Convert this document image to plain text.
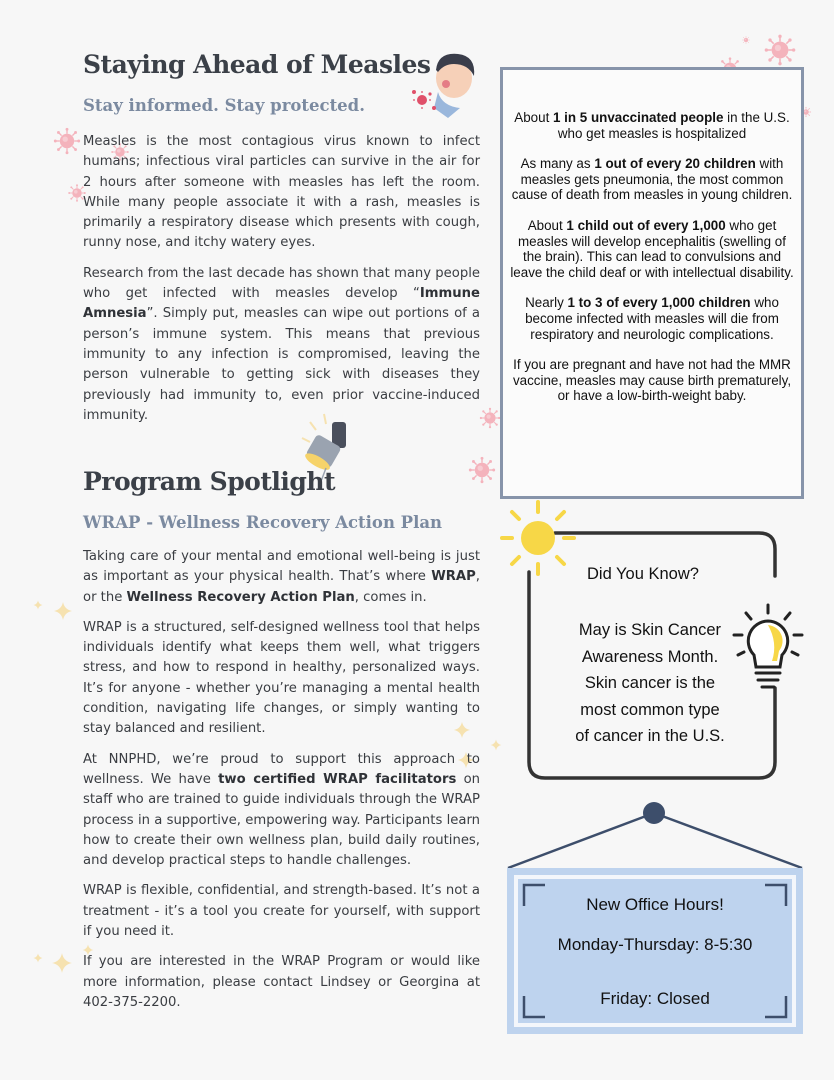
Staying Ahead of Measles
Stay informed. Stay protected.

Measles is the most contagious virus known to infect humans; infectious viral particles can survive in the air for 2 hours after someone with measles has left the room. While many people associate it with a rash, measles is primarily a respiratory disease which presents with cough, runny nose, and itchy watery eyes.

Research from the last decade has shown that many people who get infected with measles develop “Immune Amnesia”. Simply put, measles can wipe out portions of a person’s immune system. This means that previous immunity to any infection is compromised, leaving the person vulnerable to getting sick with diseases they previously had immunity to, even prior vaccine-induced immunity.

About 1 in 5 unvaccinated people in the U.S. who get measles is hospitalized

As many as 1 out of every 20 children with measles gets pneumonia, the most common cause of death from measles in young children.

About 1 child out of every 1,000 who get measles will develop encephalitis (swelling of the brain). This can lead to convulsions and leave the child deaf or with intellectual disability.

Nearly 1 to 3 of every 1,000 children who become infected with measles will die from respiratory and neurologic complications.

If you are pregnant and have not had the MMR vaccine, measles may cause birth prematurely, or have a low-birth-weight baby.

Program Spotlight
WRAP - Wellness Recovery Action Plan

Taking care of your mental and emotional well-being is just as important as your physical health. That’s where WRAP, or the Wellness Recovery Action Plan, comes in.

WRAP is a structured, self-designed wellness tool that helps individuals identify what keeps them well, what triggers stress, and how to respond in healthy, personalized ways. It’s for anyone - whether you’re managing a mental health condition, navigating life changes, or simply wanting to stay balanced and resilient.

At NNPHD, we’re proud to support this approach to wellness. We have two certified WRAP facilitators on staff who are trained to guide individuals through the WRAP process in a supportive, empowering way. Participants learn how to create their own wellness plan, build daily routines, and develop practical steps to handle challenges.

WRAP is flexible, confidential, and strength-based. It’s not a treatment - it’s a tool you create for yourself, with support if you need it.

If you are interested in the WRAP Program or would like more information, please contact Lindsey or Georgina at 402-375-2200.

Did You Know?
May is Skin Cancer
Awareness Month.
Skin cancer is the
most common type
of cancer in the U.S.
New Office Hours!
Monday-Thursday: 8-5:30
Friday: Closed
